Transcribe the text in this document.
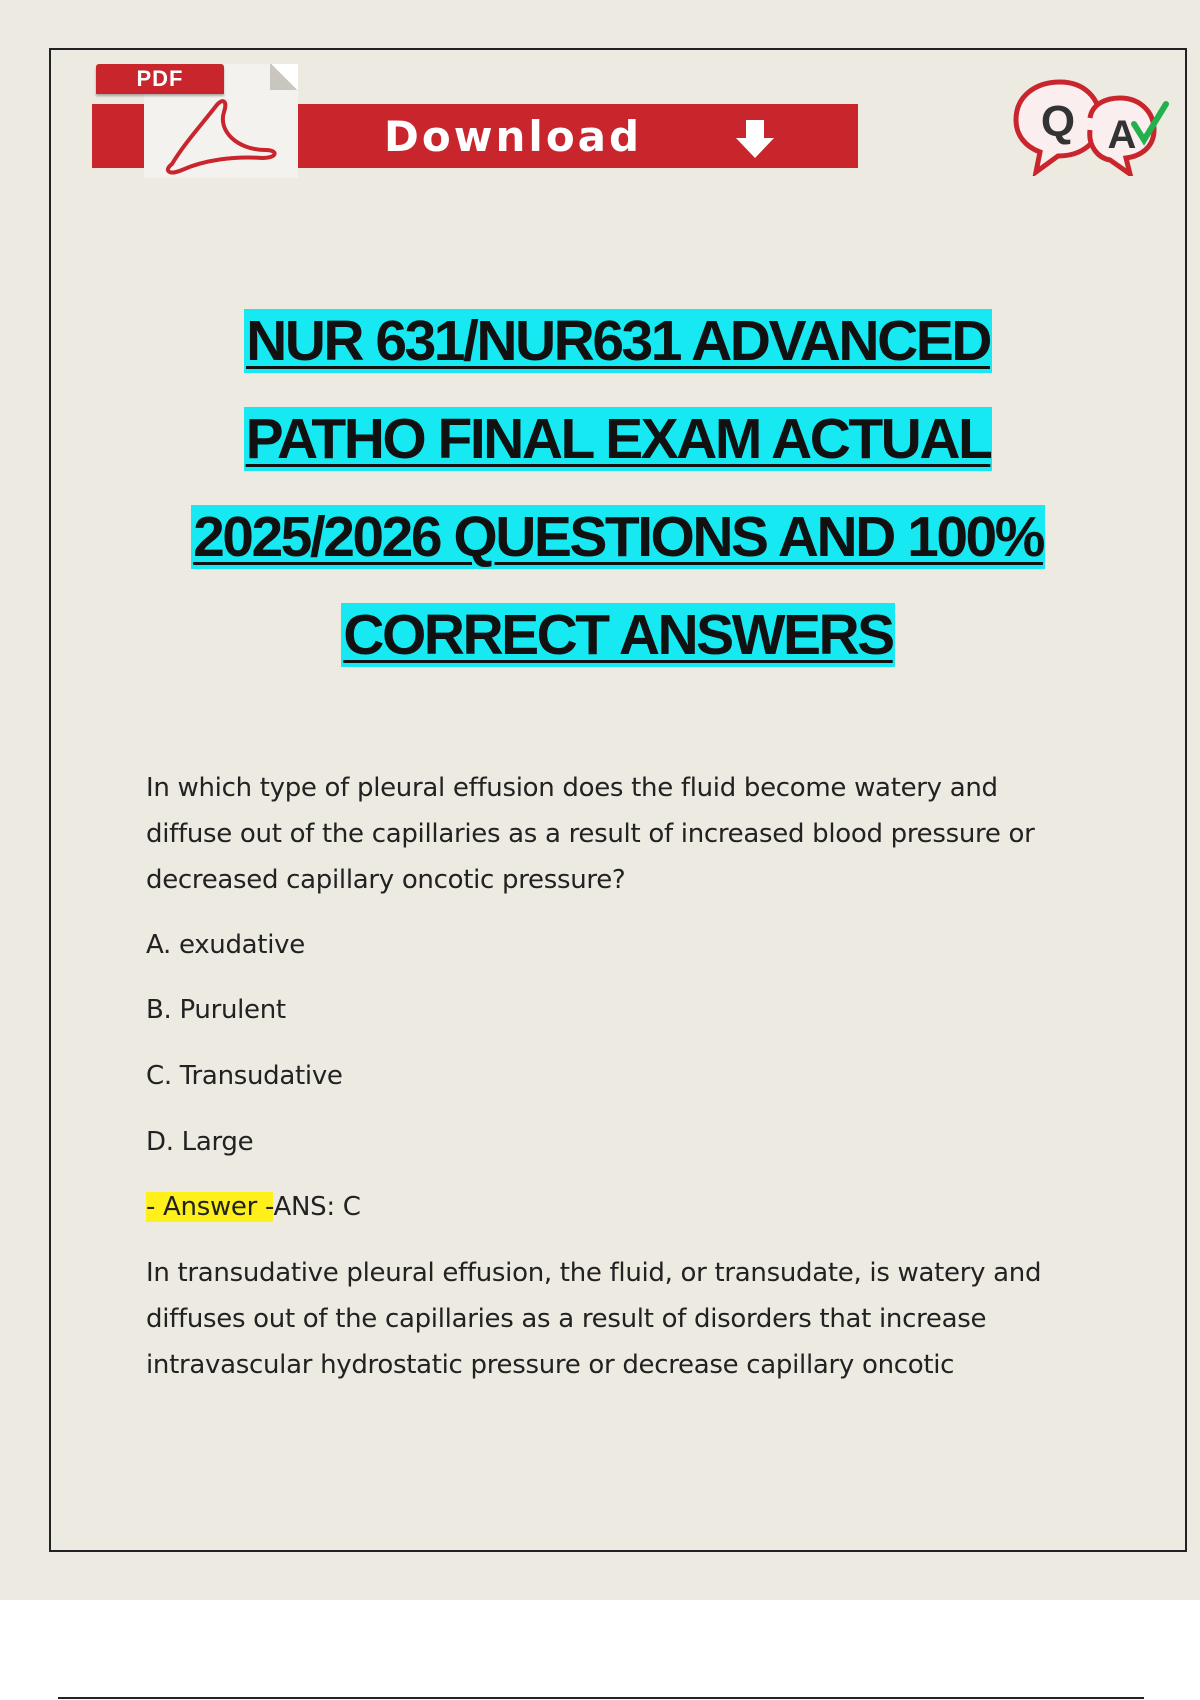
PDF
Download	Q A
NUR 631/NUR631 ADVANCED
PATHO FINAL EXAM ACTUAL
2025/2026 QUESTIONS AND 100%
CORRECT ANSWERS
In which type of pleural effusion does the fluid become watery and diffuse out of the capillaries as a result of increased blood pressure or decreased capillary oncotic pressure?
A. exudative
B. Purulent
C. Transudative
D. Large
- Answer -ANS: C
In transudative pleural effusion, the fluid, or transudate, is watery and diffuses out of the capillaries as a result of disorders that increase intravascular hydrostatic pressure or decrease capillary oncotic
